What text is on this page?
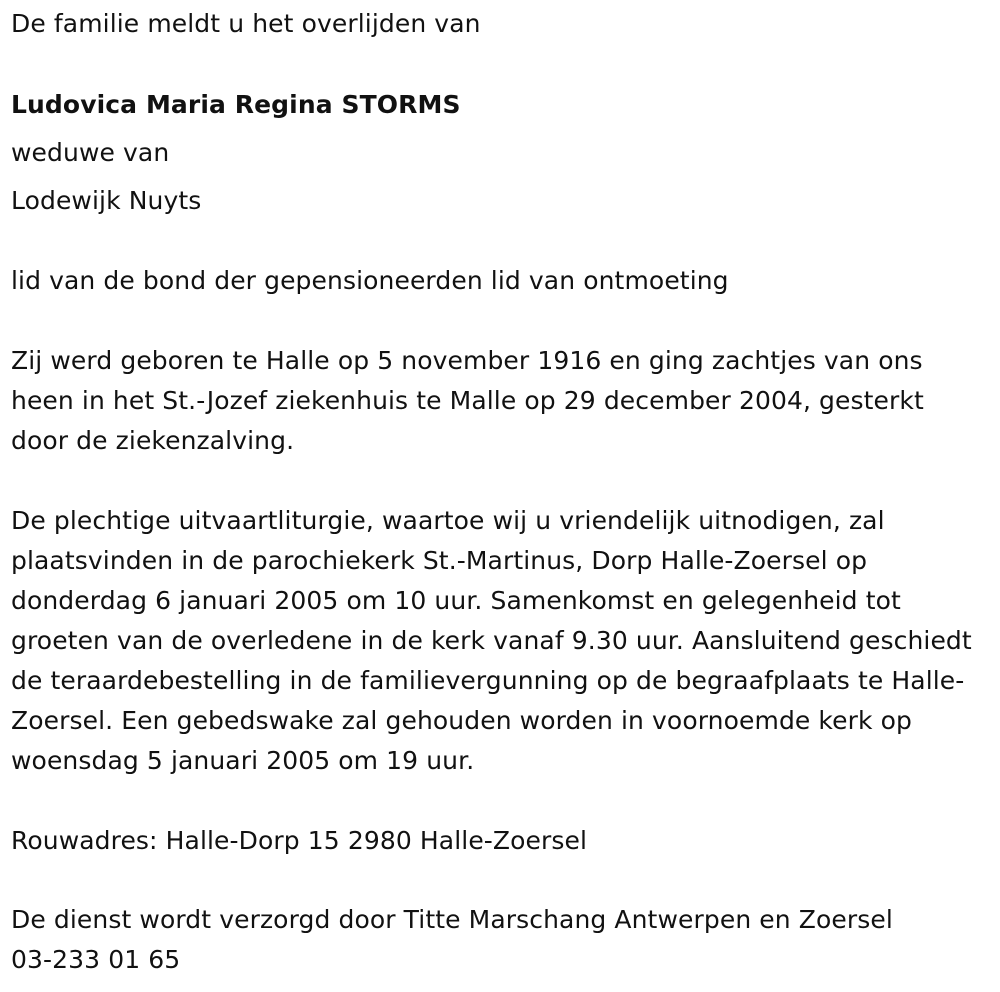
De familie meldt u het overlijden van
Ludovica Maria Regina STORMS
weduwe van
Lodewijk Nuyts
lid van de bond der gepensioneerden lid van ontmoeting
Zij werd geboren te Halle op 5 november 1916 en ging zachtjes van ons heen in het St.-Jozef ziekenhuis te Malle op 29 december 2004, gesterkt door de ziekenzalving.
De plechtige uitvaartliturgie, waartoe wij u vriendelijk uitnodigen, zal plaatsvinden in de parochiekerk St.-Martinus, Dorp Halle-Zoersel op donderdag 6 januari 2005 om 10 uur. Samenkomst en gelegenheid tot groeten van de overledene in de kerk vanaf 9.30 uur. Aansluitend geschiedt de teraardebestelling in de familievergunning op de begraafplaats te Halle-Zoersel. Een gebedswake zal gehouden worden in voornoemde kerk op woensdag 5 januari 2005 om 19 uur.
Rouwadres: Halle-Dorp 15 2980 Halle-Zoersel
De dienst wordt verzorgd door Titte Marschang Antwerpen en Zoersel
03-233 01 65
